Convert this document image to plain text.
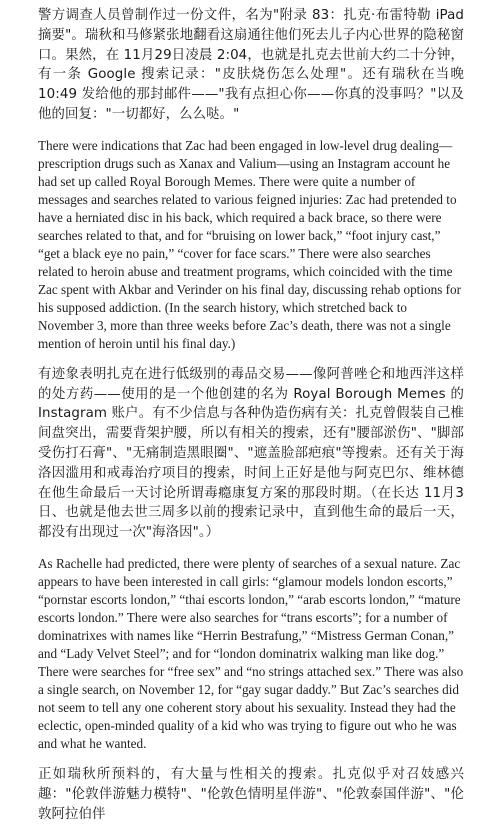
警方调查人员曾制作过一份文件，名为"附录 83：扎克·布雷特勒 iPad 摘要"。瑞秋和马修紧张地翻看这扇通往他们死去儿子内心世界的隐秘窗口。果然，在 11月29日凌晨 2:04，也就是扎克去世前大约二十分钟，有一条 Google 搜索记录："皮肤烧伤怎么处理"。还有瑞秋在当晚 10:49 发给他的那封邮件——"我有点担心你——你真的没事吗？"以及他的回复："一切都好，么么哒。"

There were indications that Zac had been engaged in low-level drug dealing—prescription drugs such as Xanax and Valium—using an Instagram account he had set up called Royal Borough Memes. There were quite a number of messages and searches related to various feigned injuries: Zac had pretended to have a herniated disc in his back, which required a back brace, so there were searches related to that, and for “bruising on lower back,” “foot injury cast,” “get a black eye no pain,” “cover for face scars.” There were also searches related to heroin abuse and treatment programs, which coincided with the time Zac spent with Akbar and Verinder on his final day, discussing rehab options for his supposed addiction. (In the search history, which stretched back to November 3, more than three weeks before Zac’s death, there was not a single mention of heroin until his final day.)

有迹象表明扎克在进行低级别的毒品交易——像阿普唑仑和地西泮这样的处方药——使用的是一个他创建的名为 Royal Borough Memes 的 Instagram 账户。有不少信息与各种伪造伤病有关：扎克曾假装自己椎间盘突出，需要背架护腰，所以有相关的搜索，还有"腰部淤伤"、"脚部受伤打石膏"、"无痛制造黑眼圈"、"遮盖脸部疤痕"等搜索。还有关于海洛因滥用和戒毒治疗项目的搜索，时间上正好是他与阿克巴尔、维林德在他生命最后一天讨论所谓毒瘾康复方案的那段时期。（在长达 11月3日、也就是他去世三周多以前的搜索记录中，直到他生命的最后一天，都没有出现过一次"海洛因"。）

As Rachelle had predicted, there were plenty of searches of a sexual nature. Zac appears to have been interested in call girls: “glamour models london escorts,” “pornstar escorts london,” “thai escorts london,” “arab escorts london,” “mature escorts london.” There were also searches for “trans escorts”; for a number of dominatrixes with names like “Herrin Bestrafung,” “Mistress German Conan,” and “Lady Velvet Steel”; and for “london dominatrix walking man like dog.” There were searches for “free sex” and “no strings attached sex.” There was also a single search, on November 12, for “gay sugar daddy.” But Zac’s searches did not seem to tell any one coherent story about his sexuality. Instead they had the eclectic, open-minded quality of a kid who was trying to figure out who he was and what he wanted.

正如瑞秋所预料的，有大量与性相关的搜索。扎克似乎对召妓感兴趣："伦敦伴游魅力模特"、"伦敦色情明星伴游"、"伦敦泰国伴游"、"伦敦阿拉伯伴
